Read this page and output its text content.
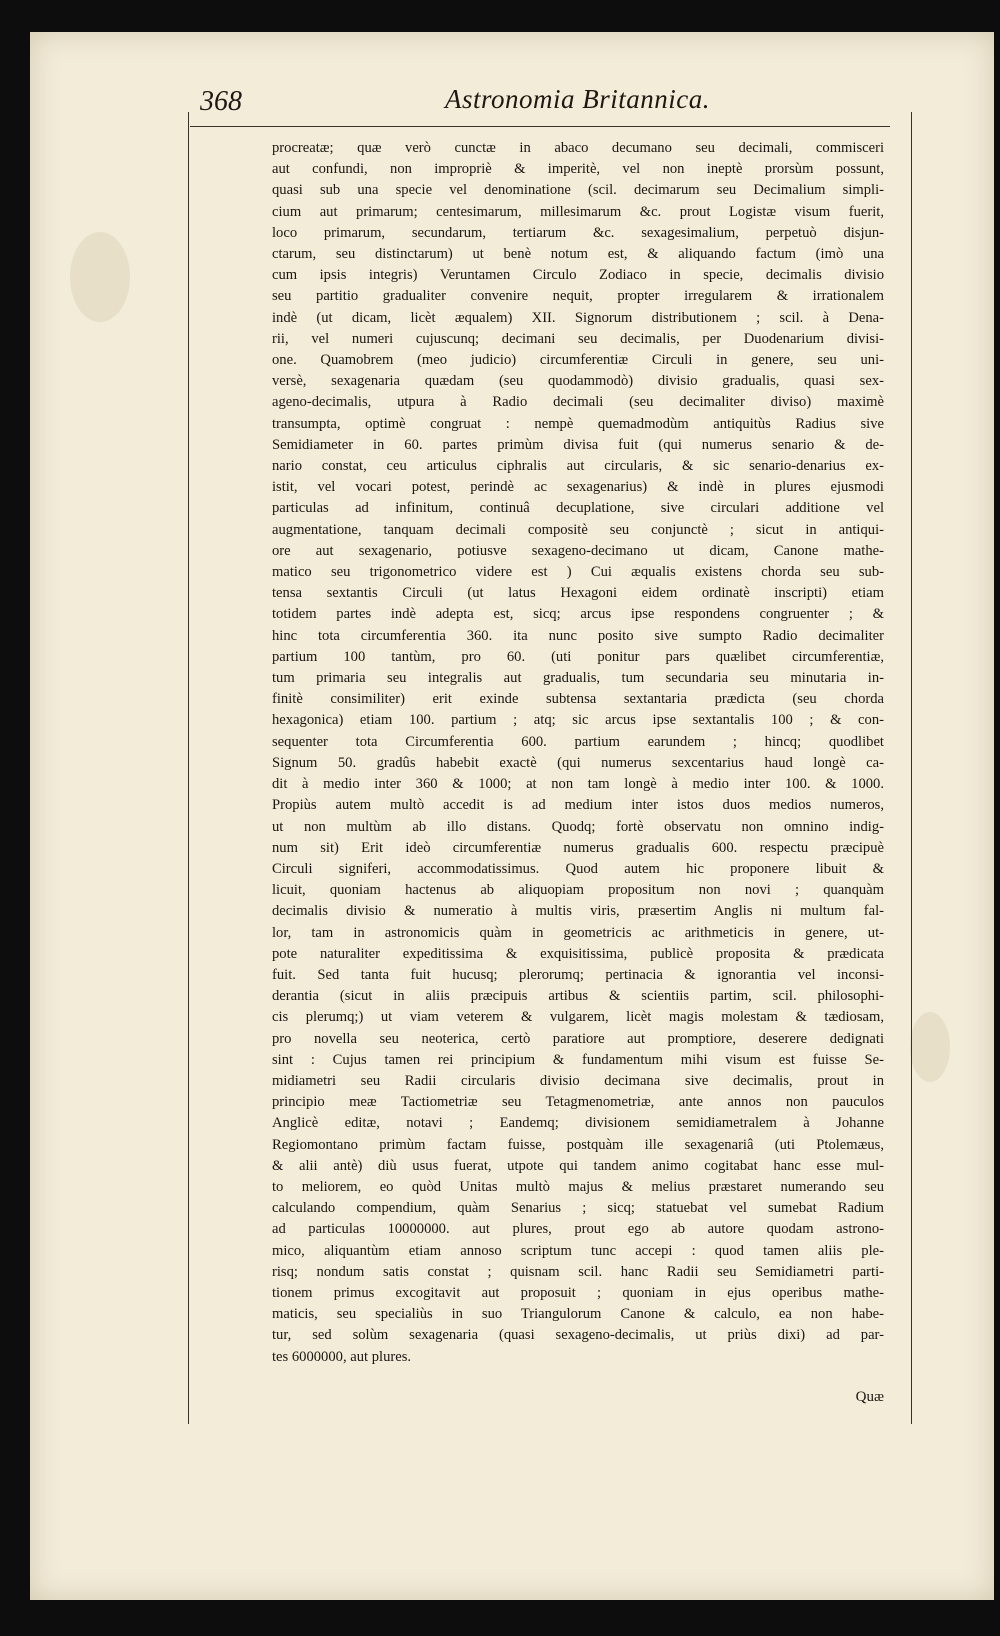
368	Astronomia Britannica.
procreatæ; quæ verò cunctæ in abaco decumano seu decimali, commisceri
aut confundi, non impropriè & imperitè, vel non ineptè prorsùm possunt,
quasi sub una specie vel denominatione (scil. decimarum seu Decimalium simpli-
cium aut primarum; centesimarum, millesimarum &c. prout Logistæ visum fuerit,
loco primarum, secundarum, tertiarum &c. sexagesimalium, perpetuò disjun-
ctarum, seu distinctarum) ut benè notum est, & aliquando factum (imò una
cum ipsis integris) Veruntamen Circulo Zodiaco in specie, decimalis divisio
seu partitio gradualiter convenire nequit, propter irregularem & irrationalem
indè (ut dicam, licèt æqualem) XII. Signorum distributionem ; scil. à Dena-
rii, vel numeri cujuscunq; decimani seu decimalis, per Duodenarium divisi-
one. Quamobrem (meo judicio) circumferentiæ Circuli in genere, seu uni-
versè, sexagenaria quædam (seu quodammodò) divisio gradualis, quasi sex-
ageno-decimalis, utpura à Radio decimali (seu decimaliter diviso) maximè
transumpta, optimè congruat : nempè quemadmodùm antiquitùs Radius sive
Semidiameter in 60. partes primùm divisa fuit (qui numerus senario & de-
nario constat, ceu articulus ciphralis aut circularis, & sic senario-denarius ex-
istit, vel vocari potest, perindè ac sexagenarius) & indè in plures ejusmodi
particulas ad infinitum, continuâ decuplatione, sive circulari additione vel
augmentatione, tanquam decimali compositè seu conjunctè ; sicut in antiqui-
ore aut sexagenario, potiusve sexageno-decimano ut dicam, Canone mathe-
matico seu trigonometrico videre est ) Cui æqualis existens chorda seu sub-
tensa sextantis Circuli (ut latus Hexagoni eidem ordinatè inscripti) etiam
totidem partes indè adepta est, sicq; arcus ipse respondens congruenter ; &
hinc tota circumferentia 360. ita nunc posito sive sumpto Radio decimaliter
partium 100 tantùm, pro 60. (uti ponitur pars quælibet circumferentiæ,
tum primaria seu integralis aut gradualis, tum secundaria seu minutaria in-
finitè consimiliter) erit exinde subtensa sextantaria prædicta (seu chorda
hexagonica) etiam 100. partium ; atq; sic arcus ipse sextantalis 100 ; & con-
sequenter tota Circumferentia 600. partium earundem ; hincq; quodlibet
Signum 50. gradûs habebit exactè (qui numerus sexcentarius haud longè ca-
dit à medio inter 360 & 1000; at non tam longè à medio inter 100. & 1000.
Propiùs autem multò accedit is ad medium inter istos duos medios numeros,
ut non multùm ab illo distans. Quodq; fortè observatu non omnino indig-
num sit) Erit ideò circumferentiæ numerus gradualis 600. respectu præcipuè
Circuli signiferi, accommodatissimus. Quod autem hic proponere libuit &
licuit, quoniam hactenus ab aliquopiam propositum non novi ; quanquàm
decimalis divisio & numeratio à multis viris, præsertim Anglis ni multum fal-
lor, tam in astronomicis quàm in geometricis ac arithmeticis in genere, ut-
pote naturaliter expeditissima & exquisitissima, publicè proposita & prædicata
fuit. Sed tanta fuit hucusq; plerorumq; pertinacia & ignorantia vel inconsi-
derantia (sicut in aliis præcipuis artibus & scientiis partim, scil. philosophi-
cis plerumq;) ut viam veterem & vulgarem, licèt magis molestam & tædiosam,
pro novella seu neoterica, certò paratiore aut promptiore, deserere dedignati
sint : Cujus tamen rei principium & fundamentum mihi visum est fuisse Se-
midiametri seu Radii circularis divisio decimana sive decimalis, prout in
principio meæ Tactiometriæ seu Tetagmenometriæ, ante annos non pauculos
Anglicè editæ, notavi ; Eandemq; divisionem semidiametralem à Johanne
Regiomontano primùm factam fuisse, postquàm ille sexagenariâ (uti Ptolemæus,
& alii antè) diù usus fuerat, utpote qui tandem animo cogitabat hanc esse mul-
to meliorem, eo quòd Unitas multò majus & melius præstaret numerando seu
calculando compendium, quàm Senarius ; sicq; statuebat vel sumebat Radium
ad particulas 10000000. aut plures, prout ego ab autore quodam astrono-
mico, aliquantùm etiam annoso scriptum tunc accepi : quod tamen aliis ple-
risq; nondum satis constat ; quisnam scil. hanc Radii seu Semidiametri parti-
tionem primus excogitavit aut proposuit ; quoniam in ejus operibus mathe-
maticis, seu specialiùs in suo Triangulorum Canone & calculo, ea non habe-
tur, sed solùm sexagenaria (quasi sexageno-decimalis, ut priùs dixi) ad par-
tes 6000000, aut plures.
Quæ
